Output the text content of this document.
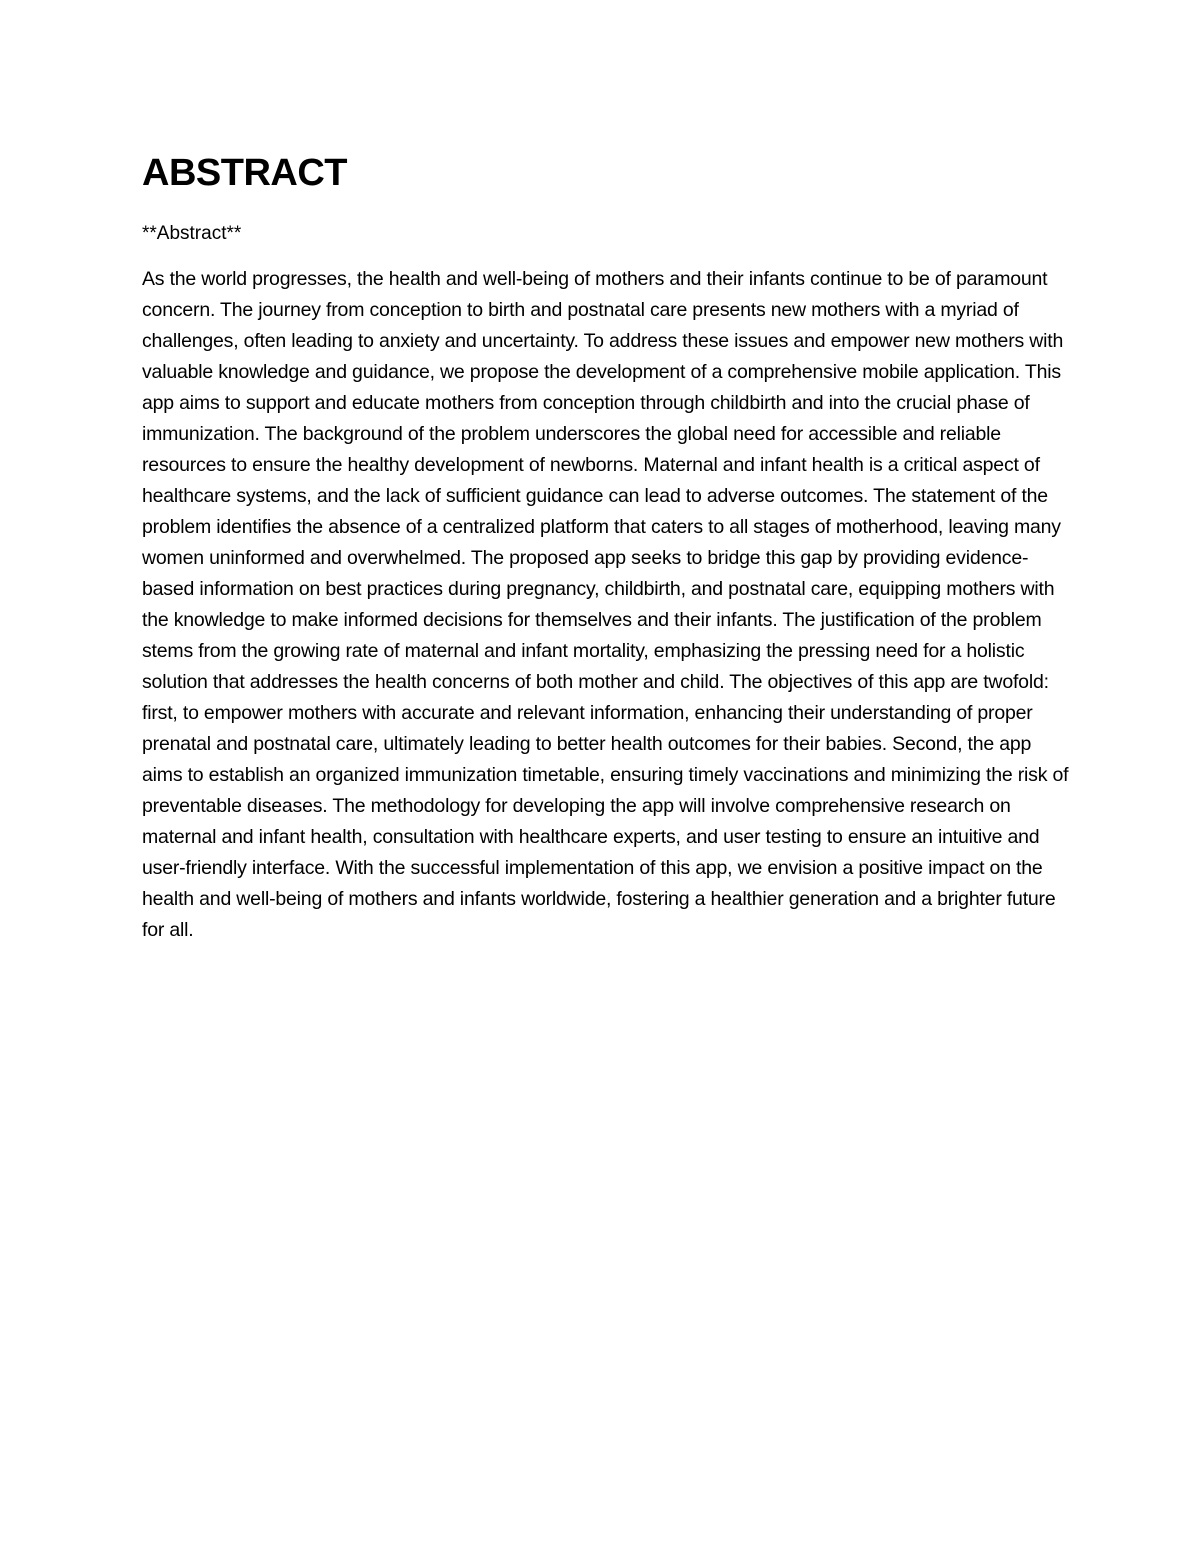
ABSTRACT

**Abstract**

As the world progresses, the health and well-being of mothers and their infants continue to be of paramount concern. The journey from conception to birth and postnatal care presents new mothers with a myriad of challenges, often leading to anxiety and uncertainty. To address these issues and empower new mothers with valuable knowledge and guidance, we propose the development of a comprehensive mobile application. This app aims to support and educate mothers from conception through childbirth and into the crucial phase of immunization. The background of the problem underscores the global need for accessible and reliable resources to ensure the healthy development of newborns. Maternal and infant health is a critical aspect of healthcare systems, and the lack of sufficient guidance can lead to adverse outcomes. The statement of the problem identifies the absence of a centralized platform that caters to all stages of motherhood, leaving many women uninformed and overwhelmed. The proposed app seeks to bridge this gap by providing evidence-based information on best practices during pregnancy, childbirth, and postnatal care, equipping mothers with the knowledge to make informed decisions for themselves and their infants. The justification of the problem stems from the growing rate of maternal and infant mortality, emphasizing the pressing need for a holistic solution that addresses the health concerns of both mother and child. The objectives of this app are twofold: first, to empower mothers with accurate and relevant information, enhancing their understanding of proper prenatal and postnatal care, ultimately leading to better health outcomes for their babies. Second, the app aims to establish an organized immunization timetable, ensuring timely vaccinations and minimizing the risk of preventable diseases. The methodology for developing the app will involve comprehensive research on maternal and infant health, consultation with healthcare experts, and user testing to ensure an intuitive and user-friendly interface. With the successful implementation of this app, we envision a positive impact on the health and well-being of mothers and infants worldwide, fostering a healthier generation and a brighter future for all.
